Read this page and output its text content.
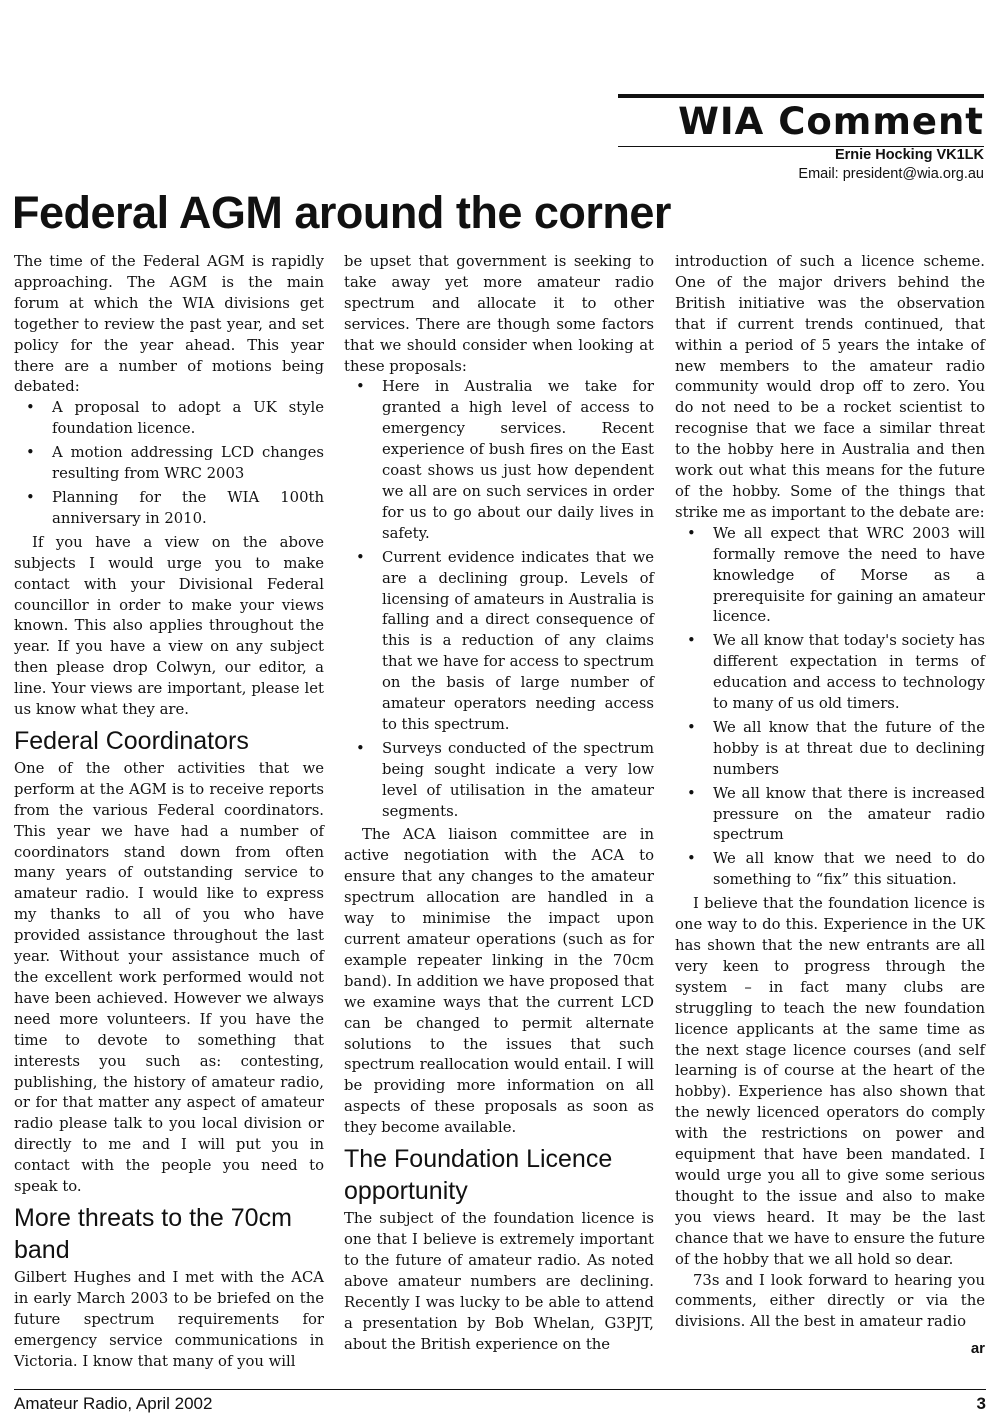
WIA Comment
Ernie Hocking VK1LK
Email: president@wia.org.au
Federal AGM around the corner

The time of the Federal AGM is rapidly approaching. The AGM is the main forum at which the WIA divisions get together to review the past year, and set policy for the year ahead. This year there are a number of motions being debated:

• A proposal to adopt a UK style foundation licence.
• A motion addressing LCD changes resulting from WRC 2003
• Planning for the WIA 100th anniversary in 2010.

If you have a view on the above subjects I would urge you to make contact with your Divisional Federal councillor in order to make your views known. This also applies throughout the year. If you have a view on any subject then please drop Colwyn, our editor, a line. Your views are important, please let us know what they are.

Federal Coordinators

One of the other activities that we perform at the AGM is to receive reports from the various Federal coordinators. This year we have had a number of coordinators stand down from often many years of outstanding service to amateur radio. I would like to express my thanks to all of you who have provided assistance throughout the last year. Without your assistance much of the excellent work performed would not have been achieved. However we always need more volunteers. If you have the time to devote to something that interests you such as: contesting, publishing, the history of amateur radio, or for that matter any aspect of amateur radio please talk to you local division or directly to me and I will put you in contact with the people you need to speak to.

More threats to the 70cm band

Gilbert Hughes and I met with the ACA in early March 2003 to be briefed on the future spectrum requirements for emergency service communications in Victoria. I know that many of you will

be upset that government is seeking to take away yet more amateur radio spectrum and allocate it to other services. There are though some factors that we should consider when looking at these proposals:

• Here in Australia we take for granted a high level of access to emergency services. Recent experience of bush fires on the East coast shows us just how dependent we all are on such services in order for us to go about our daily lives in safety.
• Current evidence indicates that we are a declining group. Levels of licensing of amateurs in Australia is falling and a direct consequence of this is a reduction of any claims that we have for access to spectrum on the basis of large number of amateur operators needing access to this spectrum.
• Surveys conducted of the spectrum being sought indicate a very low level of utilisation in the amateur segments.

The ACA liaison committee are in active negotiation with the ACA to ensure that any changes to the amateur spectrum allocation are handled in a way to minimise the impact upon current amateur operations (such as for example repeater linking in the 70cm band). In addition we have proposed that we examine ways that the current LCD can be changed to permit alternate solutions to the issues that such spectrum reallocation would entail. I will be providing more information on all aspects of these proposals as soon as they become available.

The Foundation Licence opportunity

The subject of the foundation licence is one that I believe is extremely important to the future of amateur radio. As noted above amateur numbers are declining. Recently I was lucky to be able to attend a presentation by Bob Whelan, G3PJT, about the British experience on the

introduction of such a licence scheme. One of the major drivers behind the British initiative was the observation that if current trends continued, that within a period of 5 years the intake of new members to the amateur radio community would drop off to zero. You do not need to be a rocket scientist to recognise that we face a similar threat to the hobby here in Australia and then work out what this means for the future of the hobby. Some of the things that strike me as important to the debate are:

• We all expect that WRC 2003 will formally remove the need to have knowledge of Morse as a prerequisite for gaining an amateur licence.
• We all know that today's society has different expectation in terms of education and access to technology to many of us old timers.
• We all know that the future of the hobby is at threat due to declining numbers
• We all know that there is increased pressure on the amateur radio spectrum
• We all know that we need to do something to “fix” this situation.

I believe that the foundation licence is one way to do this. Experience in the UK has shown that the new entrants are all very keen to progress through the system – in fact many clubs are struggling to teach the new foundation licence applicants at the same time as the next stage licence courses (and self learning is of course at the heart of the hobby). Experience has also shown that the newly licenced operators do comply with the restrictions on power and equipment that have been mandated. I would urge you all to give some serious thought to the issue and also to make you views heard. It may be the last chance that we have to ensure the future of the hobby that we all hold so dear.

73s and I look forward to hearing you comments, either directly or via the divisions. All the best in amateur radio

ar
Amateur Radio, April 2002	3
